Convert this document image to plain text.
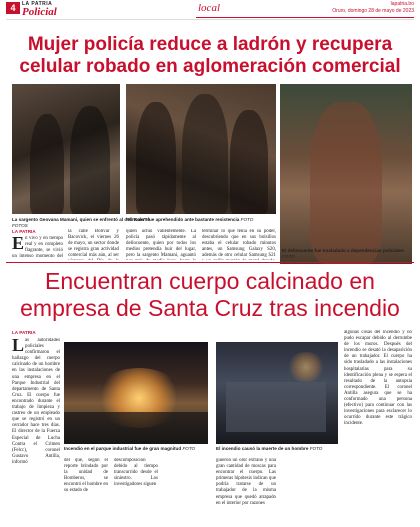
4	LA PATRIA
Policial	local	lapatria.bo
Oruro, domingo 28 de mayo de 2023
Mujer policía reduce a ladrón y recupera celular robado en aglomeración comercial
La sargento Geovana Mamani, quien se enfrentó al delincuente FOTOS
"El Rolo" fue aprehendido ante bastante resistencia FOTO
LA PATRIA
En vivo y en tiempo real y en completo flagrante, se vivió un intenso momento del
la calle Bolívar y Bacovick, el viernes 26 de mayo, un sector donde se registra gran actividad comercial más aún, al ser
quien actuó valientemente. La policía pasó rápidamente al delincuente, quien por todos los medios pretendía huir del lugar, pero la sargento Mamani, aguantó
terminar lo que tenía en su poder, descubriendo que en sus bolsillos estaba el celular robado minutos antes, un Samsung Galaxy S20, además de otro celular Samsung S21
El delincuente fue trasladado a dependencias policiales FOTO
Encuentran cuerpo calcinado en empresa de Santa Cruz tras incendio
LA PATRIA
Las autoridades policiales confirmaron el hallazgo del cuerpo calcinado de un hombre en las instalaciones de una empresa en el Parque Industrial del departamento de Santa Cruz. El cuerpo fue encontrado durante el trabajo de limpieza y rastreo de un empleado que se registró en un cerrador hace tres días. El director de la Fuerza Especial de Lucha Contra el Crimen (Felcc), coronel Gustavo Antilla, informó
Incendio en el parque industrial fue de gran magnitud FOTO	El incendio causó la muerte de un hombre FOTO
del que, según el reporte brindado por la unidad de Bomberos, se encontró el hombre en su estado de
descomposición debido al tiempo transcurrido desde el siniestro. Los investigadores siguen
guieron un olor extraño y una gran cantidad de moscas para encontrar el cuerpo. Las primeras hipótesis indican que podría tratarse de un trabajador de la misma empresa que quedó atrapado en el interior por razones
algunas cosas del incendio y no pudo escapar debido al derrumbe de los muros. Después del incendio se desató la desaparición de un trabajador. El cuerpo ha sido trasladado a las instalaciones hospitalarias para su identificación plena y se espera el resultado de la autopsia correspondiente. El coronel Antilla asegura que se ha conformado una persona (efectivo) para continuar con las investigaciones para esclarecer lo ocurrido durante este trágico incidente.
